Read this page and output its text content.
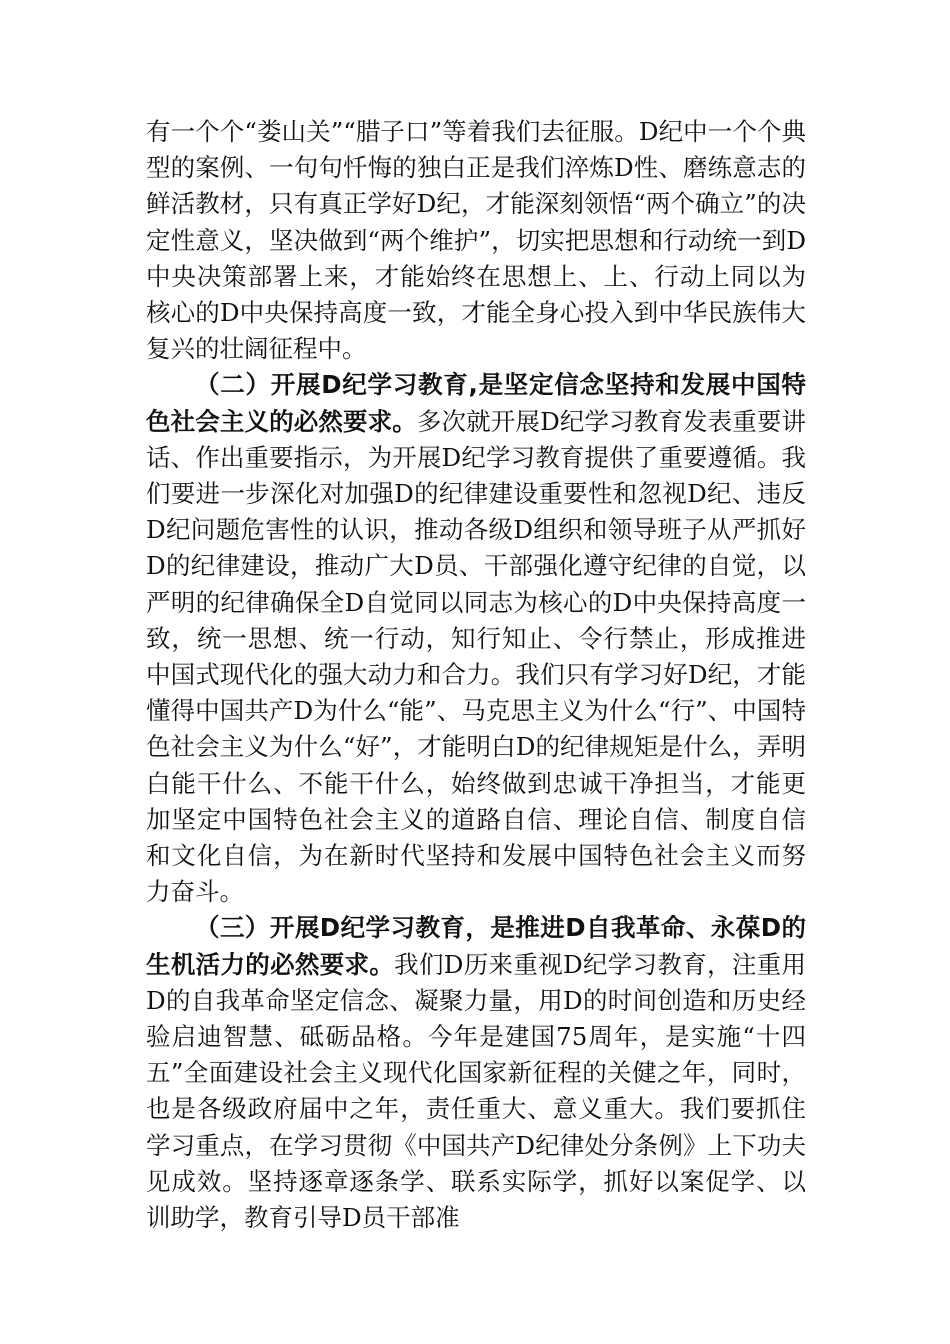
有一个个“娄山关”“腊子口”等着我们去征服。D纪中一个个典型的案例、一句句忏悔的独白正是我们淬炼D性、磨练意志的鲜活教材，只有真正学好D纪，才能深刻领悟“两个确立”的决定性意义，坚决做到“两个维护”，切实把思想和行动统一到D中央决策部署上来，才能始终在思想上、上、行动上同以为核心的D中央保持高度一致，才能全身心投入到中华民族伟大复兴的壮阔征程中。

（二）开展D纪学习教育,是坚定信念坚持和发展中国特色社会主义的必然要求。多次就开展D纪学习教育发表重要讲话、作出重要指示，为开展D纪学习教育提供了重要遵循。我们要进一步深化对加强D的纪律建设重要性和忽视D纪、违反D纪问题危害性的认识，推动各级D组织和领导班子从严抓好D的纪律建设，推动广大D员、干部强化遵守纪律的自觉，以严明的纪律确保全D自觉同以同志为核心的D中央保持高度一致，统一思想、统一行动，知行知止、令行禁止，形成推进中国式现代化的强大动力和合力。我们只有学习好D纪，才能懂得中国共产D为什么“能”、马克思主义为什么“行”、中国特色社会主义为什么“好”，才能明白D的纪律规矩是什么，弄明白能干什么、不能干什么，始终做到忠诚干净担当，才能更加坚定中国特色社会主义的道路自信、理论自信、制度自信和文化自信，为在新时代坚持和发展中国特色社会主义而努力奋斗。

（三）开展D纪学习教育，是推进D自我革命、永葆D的生机活力的必然要求。我们D历来重视D纪学习教育，注重用D的自我革命坚定信念、凝聚力量，用D的时间创造和历史经验启迪智慧、砥砺品格。今年是建国75周年，是实施“十四五”全面建设社会主义现代化国家新征程的关健之年，同时，也是各级政府届中之年，责任重大、意义重大。我们要抓住学习重点，在学习贯彻《中国共产D纪律处分条例》上下功夫见成效。坚持逐章逐条学、联系实际学，抓好以案促学、以训助学，教育引导D员干部准
